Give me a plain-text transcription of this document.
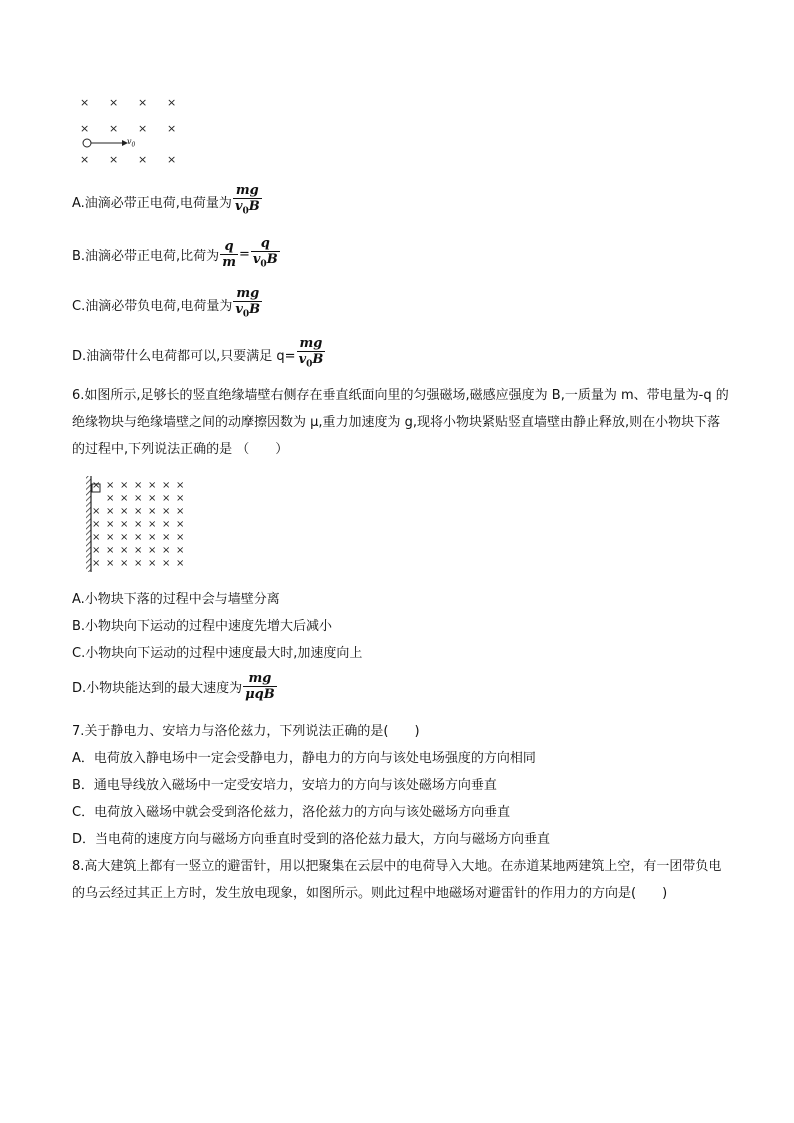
× × × ×
× × × ×
× × × ×
$v_0$
A.油滴必带正电荷,电荷量为 $\frac{mg}{v_0B}$
B.油滴必带正电荷,比荷为 $\frac{q}{m} = \frac{q}{v_0B}$
C.油滴必带负电荷,电荷量为 $\frac{mg}{v_0B}$
D.油滴带什么电荷都可以,只要满足 $q= \frac{mg}{v_0B}$
6.如图所示,足够长的竖直绝缘墙壁右侧存在垂直纸面向里的匀强磁场,磁感应强度为 B,一质量为 m、带电量为-q 的绝缘物块与绝缘墙壁之间的动摩擦因数为 μ,重力加速度为 g,现将小物块紧贴竖直墙壁由静止释放,则在小物块下落的过程中,下列说法正确的是 （　　）
× × × × × × ×
× × × × × ×
× × × × × × ×
× × × × × × ×
× × × × × × ×
× × × × × × ×
× × × × × × ×
A.小物块下落的过程中会与墙壁分离
B.小物块向下运动的过程中速度先增大后减小
C.小物块向下运动的过程中速度最大时,加速度向上
D.小物块能达到的最大速度为 $\frac{mg}{\text{μqB}}$
7.关于静电力、安培力与洛伦兹力，下列说法正确的是(　　)
A．电荷放入静电场中一定会受静电力，静电力的方向与该处电场强度的方向相同
B．通电导线放入磁场中一定受安培力，安培力的方向与该处磁场方向垂直
C．电荷放入磁场中就会受到洛伦兹力，洛伦兹力的方向与该处磁场方向垂直
D．当电荷的速度方向与磁场方向垂直时受到的洛伦兹力最大，方向与磁场方向垂直
8.高大建筑上都有一竖立的避雷针，用以把聚集在云层中的电荷导入大地。在赤道某地两建筑上空，有一团带负电的乌云经过其正上方时，发生放电现象，如图所示。则此过程中地磁场对避雷针的作用力的方向是(　　)
